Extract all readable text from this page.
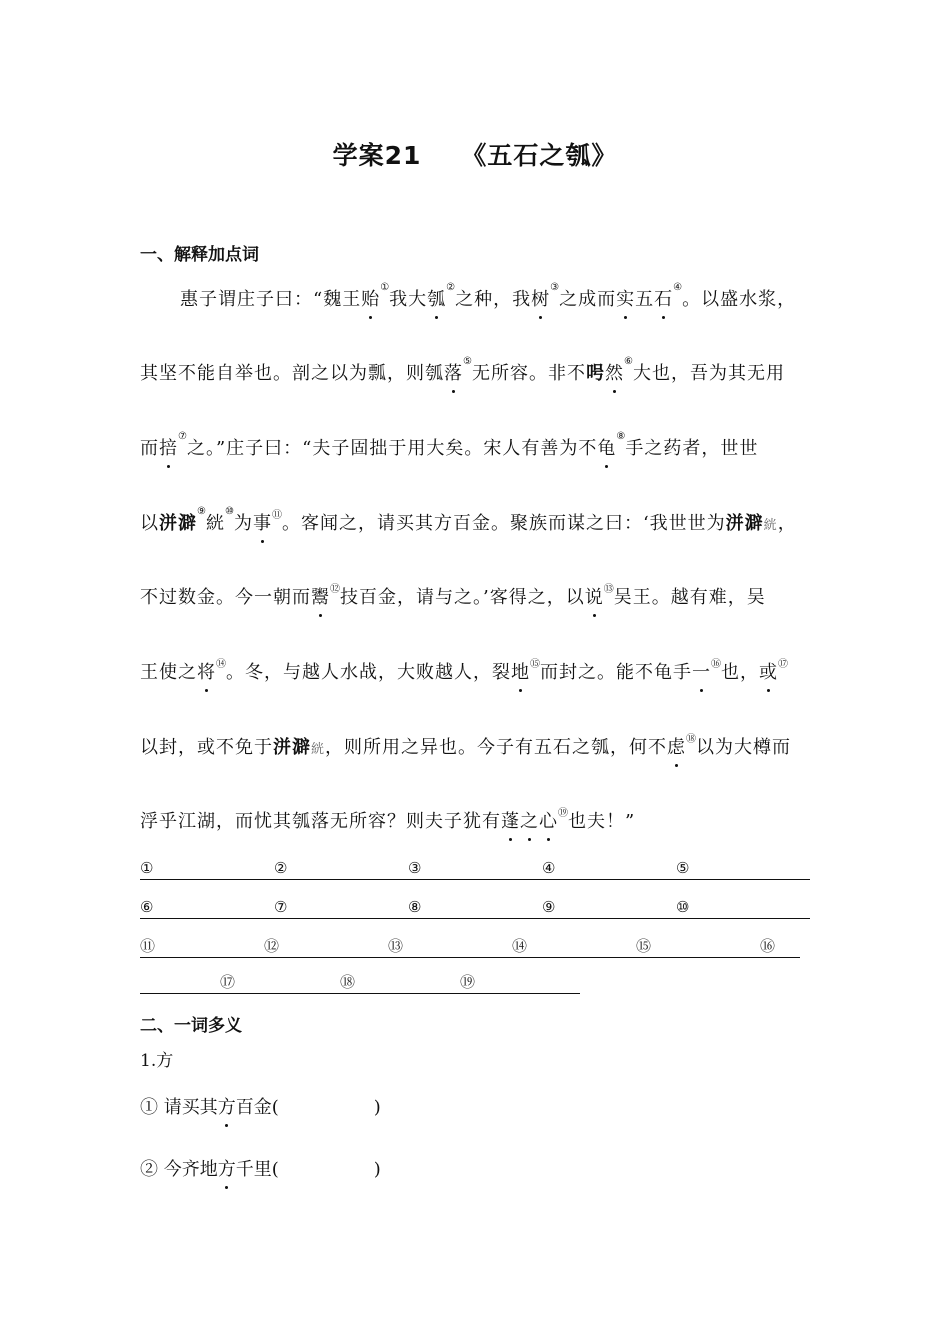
学案21 《五石之瓠》
一、解释加点词
惠子谓庄子曰：“魏王贻①我大瓠②之种，我树③之成而实五石④。以盛水浆，
其坚不能自举也。剖之以为瓢，则瓠落⑤无所容。非不呺然⑥大也，吾为其无用
而掊⑦之。”庄子曰：“夫子固拙于用大矣。宋人有善为不龟⑧手之药者，世世
以洴澼⑨絖⑩为事⑪。客闻之，请买其方百金。聚族而谋之曰：‘我世世为洴澼絖，
不过数金。今一朝而鬻⑫技百金，请与之。’客得之，以说⑬吴王。越有难，吴
王使之将⑭。冬，与越人水战，大败越人，裂地⑮而封之。能不龟手一⑯也，或⑰
以封，或不免于洴澼絖，则所用之异也。今子有五石之瓠，何不虑⑱以为大樽而
浮乎江湖，而忧其瓠落无所容？则夫子犹有蓬之心⑲也夫！”
①	②	③	④	⑤
⑥	⑦	⑧	⑨	⑩
⑪	⑫	⑬	⑭	⑮	⑯
⑰	⑱	⑲
二、一词多义
1.方
① 请买其方百金(	)
② 今齐地方千里(	)
